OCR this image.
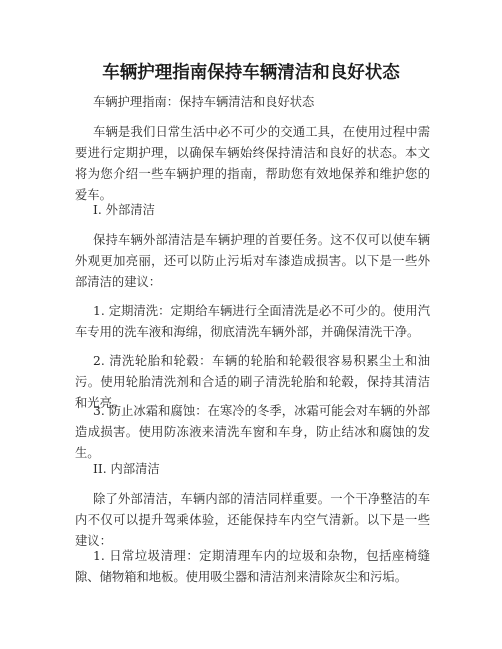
车辆护理指南保持车辆清洁和良好状态

车辆护理指南：保持车辆清洁和良好状态

车辆是我们日常生活中必不可少的交通工具，在使用过程中需要进行定期护理，以确保车辆始终保持清洁和良好的状态。本文将为您介绍一些车辆护理的指南，帮助您有效地保养和维护您的爱车。

I. 外部清洁

保持车辆外部清洁是车辆护理的首要任务。这不仅可以使车辆外观更加亮丽，还可以防止污垢对车漆造成损害。以下是一些外部清洁的建议：

1. 定期清洗：定期给车辆进行全面清洗是必不可少的。使用汽车专用的洗车液和海绵，彻底清洗车辆外部，并确保清洗干净。

2. 清洗轮胎和轮毂：车辆的轮胎和轮毂很容易积累尘土和油污。使用轮胎清洗剂和合适的刷子清洗轮胎和轮毂，保持其清洁和光亮。

3. 防止冰霜和腐蚀：在寒冷的冬季，冰霜可能会对车辆的外部造成损害。使用防冻液来清洗车窗和车身，防止结冰和腐蚀的发生。

II. 内部清洁

除了外部清洁，车辆内部的清洁同样重要。一个干净整洁的车内不仅可以提升驾乘体验，还能保持车内空气清新。以下是一些建议：

1. 日常垃圾清理：定期清理车内的垃圾和杂物，包括座椅缝隙、储物箱和地板。使用吸尘器和清洁剂来清除灰尘和污垢。
